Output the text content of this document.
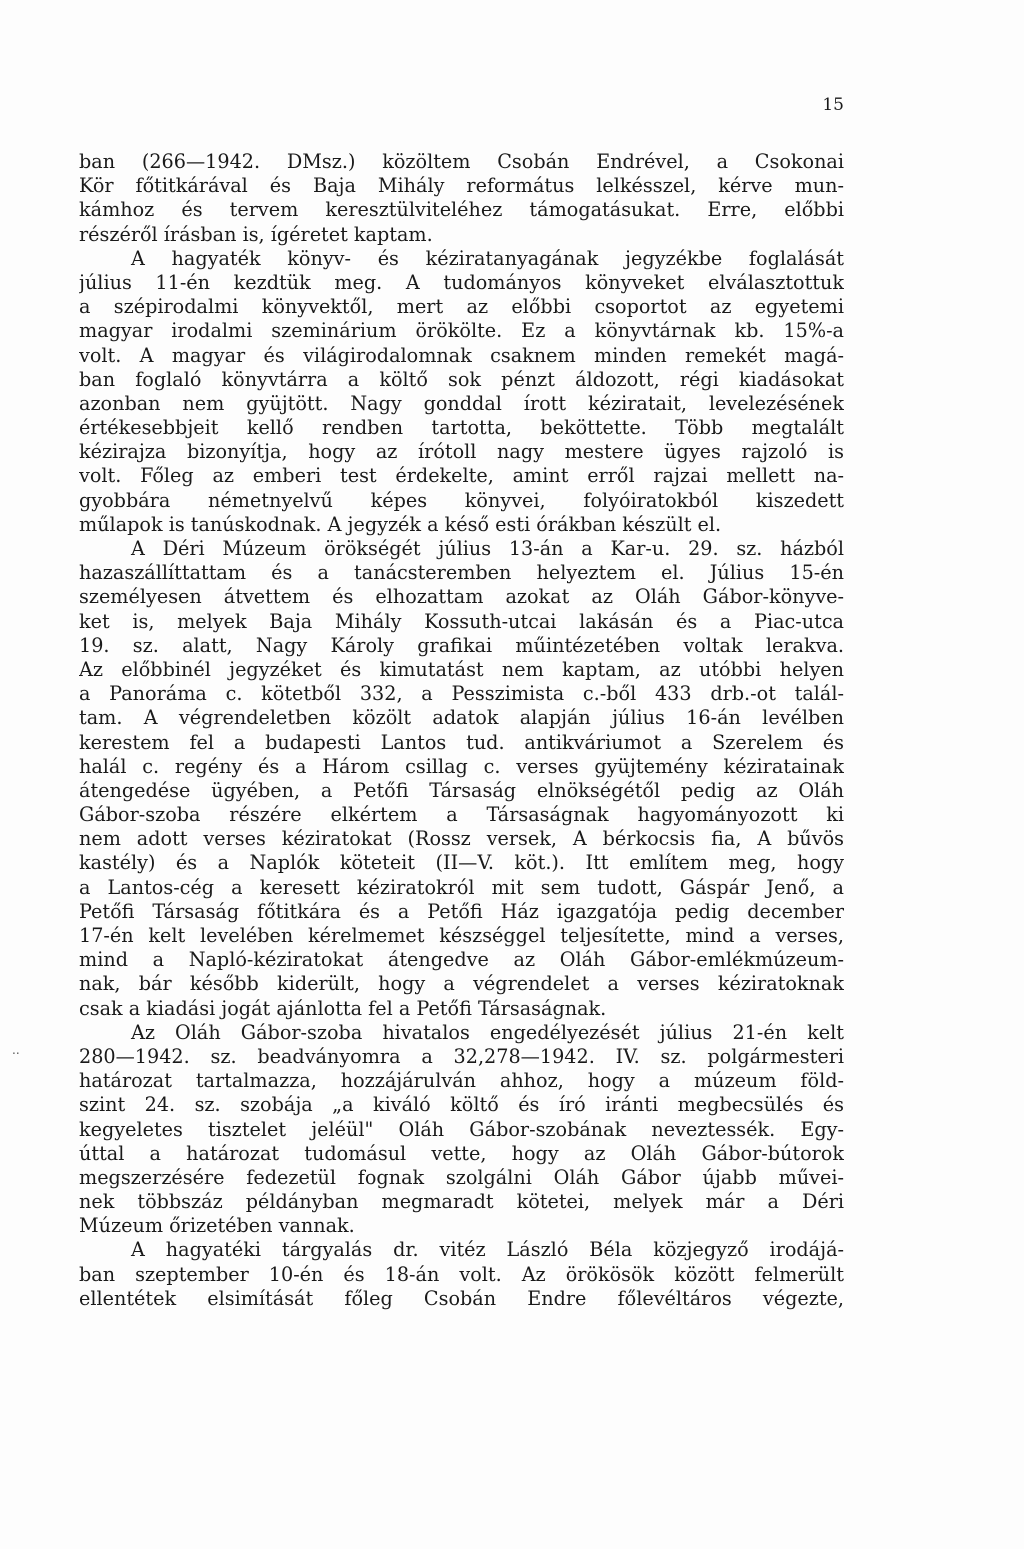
15
..
ban (266—1942. DMsz.) közöltem Csobán Endrével, a Csokonai
Kör főtitkárával és Baja Mihály református lelkésszel, kérve mun-
kámhoz és tervem keresztülviteléhez támogatásukat. Erre, előbbi
részéről írásban is, ígéretet kaptam.
A hagyaték könyv- és kéziratanyagának jegyzékbe foglalását
július 11-én kezdtük meg. A tudományos könyveket elválasztottuk
a szépirodalmi könyvektől, mert az előbbi csoportot az egyetemi
magyar irodalmi szeminárium örökölte. Ez a könyvtárnak kb. 15%-a
volt. A magyar és világirodalomnak csaknem minden remekét magá-
ban foglaló könyvtárra a költő sok pénzt áldozott, régi kiadásokat
azonban nem gyüjtött. Nagy gonddal írott kéziratait, levelezésének
értékesebbjeit kellő rendben tartotta, beköttette. Több megtalált
kézirajza bizonyítja, hogy az írótoll nagy mestere ügyes rajzoló is
volt. Főleg az emberi test érdekelte, amint erről rajzai mellett na-
gyobbára németnyelvű képes könyvei, folyóiratokból kiszedett
műlapok is tanúskodnak. A jegyzék a késő esti órákban készült el.
A Déri Múzeum örökségét július 13-án a Kar-u. 29. sz. házból
hazaszállíttattam és a tanácsteremben helyeztem el. Július 15-én
személyesen átvettem és elhozattam azokat az Oláh Gábor-könyve-
ket is, melyek Baja Mihály Kossuth-utcai lakásán és a Piac-utca
19. sz. alatt, Nagy Károly grafikai műintézetében voltak lerakva.
Az előbbinél jegyzéket és kimutatást nem kaptam, az utóbbi helyen
a Panoráma c. kötetből 332, a Pesszimista c.-ből 433 drb.-ot talál-
tam. A végrendeletben közölt adatok alapján július 16-án levélben
kerestem fel a budapesti Lantos tud. antikváriumot a Szerelem és
halál c. regény és a Három csillag c. verses gyüjtemény kéziratainak
átengedése ügyében, a Petőfi Társaság elnökségétől pedig az Oláh
Gábor-szoba részére elkértem a Társaságnak hagyományozott ki
nem adott verses kéziratokat (Rossz versek, A bérkocsis fia, A bűvös
kastély) és a Naplók köteteit (II—V. köt.). Itt említem meg, hogy
a Lantos-cég a keresett kéziratokról mit sem tudott, Gáspár Jenő, a
Petőfi Társaság főtitkára és a Petőfi Ház igazgatója pedig december
17-én kelt levelében kérelmemet készséggel teljesítette, mind a verses,
mind a Napló-kéziratokat átengedve az Oláh Gábor-emlékmúzeum-
nak, bár később kiderült, hogy a végrendelet a verses kéziratoknak
csak a kiadási jogát ajánlotta fel a Petőfi Társaságnak.
Az Oláh Gábor-szoba hivatalos engedélyezését július 21-én kelt
280—1942. sz. beadványomra a 32,278—1942. IV. sz. polgármesteri
határozat tartalmazza, hozzájárulván ahhoz, hogy a múzeum föld-
szint 24. sz. szobája „a kiváló költő és író iránti megbecsülés és
kegyeletes tisztelet jeléül" Oláh Gábor-szobának neveztessék. Egy-
úttal a határozat tudomásul vette, hogy az Oláh Gábor-bútorok
megszerzésére fedezetül fognak szolgálni Oláh Gábor újabb művei-
nek többszáz példányban megmaradt kötetei, melyek már a Déri
Múzeum őrizetében vannak.
A hagyatéki tárgyalás dr. vitéz László Béla közjegyző irodájá-
ban szeptember 10-én és 18-án volt. Az örökösök között felmerült
ellentétek elsimítását főleg Csobán Endre főlevéltáros végezte,
